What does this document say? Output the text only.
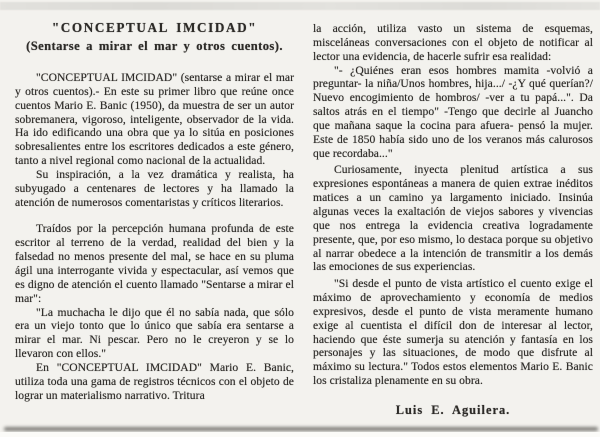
"CONCEPTUAL IMCIDAD"
(Sentarse a mirar el mar y otros cuentos).

"CONCEPTUAL IMCIDAD" (sentarse a mirar el mar y otros cuentos).- En este su primer libro que reúne once cuentos Mario E. Banic (1950), da muestra de ser un autor sobremanera, vigoroso, inteligente, observador de la vida. Ha ido edificando una obra que ya lo sitúa en posiciones sobresalientes entre los escritores dedicados a este género, tanto a nivel regional como nacional de la actualidad.

Su inspiración, a la vez dramática y realista, ha subyugado a centenares de lectores y ha llamado la atención de numerosos comentaristas y críticos literarios.

Traídos por la percepción humana profunda de este escritor al terreno de la verdad, realidad del bien y la falsedad no menos presente del mal, se hace en su pluma ágil una interrogante vivida y espectacular, así vemos que es digno de atención el cuento llamado "Sentarse a mirar el mar":

"La muchacha le dijo que él no sabía nada, que sólo era un viejo tonto que lo único que sabía era sentarse a mirar el mar. Ni pescar. Pero no le creyeron y se lo llevaron con ellos."

En "CONCEPTUAL IMCIDAD" Mario E. Banic, utiliza toda una gama de registros técnicos con el objeto de lograr un materialismo narrativo. Tritura

la acción, utiliza vasto un sistema de esquemas, misceláneas conversaciones con el objeto de notificar al lector una evidencia, de hacerle sufrir esa realidad:

"- ¿Quiénes eran esos hombres mamita -volvió a preguntar- la niña/Unos hombres, hija.../ -¿Y qué querían?/ Nuevo encogimiento de hombros/ -ver a tu papá...". Da saltos atrás en el tiempo" -Tengo que decirle al Juancho que mañana saque la cocina para afuera- pensó la mujer. Este de 1850 había sido uno de los veranos más calurosos que recordaba..."

Curiosamente, inyecta plenitud artística a sus expresiones espontáneas a manera de quien extrae inéditos matices a un camino ya largamento iniciado. Insinúa algunas veces la exaltación de viejos sabores y vivencias que nos entrega la evidencia creativa logradamente presente, que, por eso mismo, lo destaca porque su objetivo al narrar obedece a la intención de transmitir a los demás las emociones de sus experiencias.

"Si desde el punto de vista artístico el cuento exige el máximo de aprovechamiento y economía de medios expresivos, desde el punto de vista meramente humano exige al cuentista el difícil don de interesar al lector, haciendo que éste sumerja su atención y fantasía en los personajes y las situaciones, de modo que disfrute al máximo su lectura." Todos estos elementos Mario E. Banic los cristaliza plenamente en su obra.

Luis E. Aguilera.
